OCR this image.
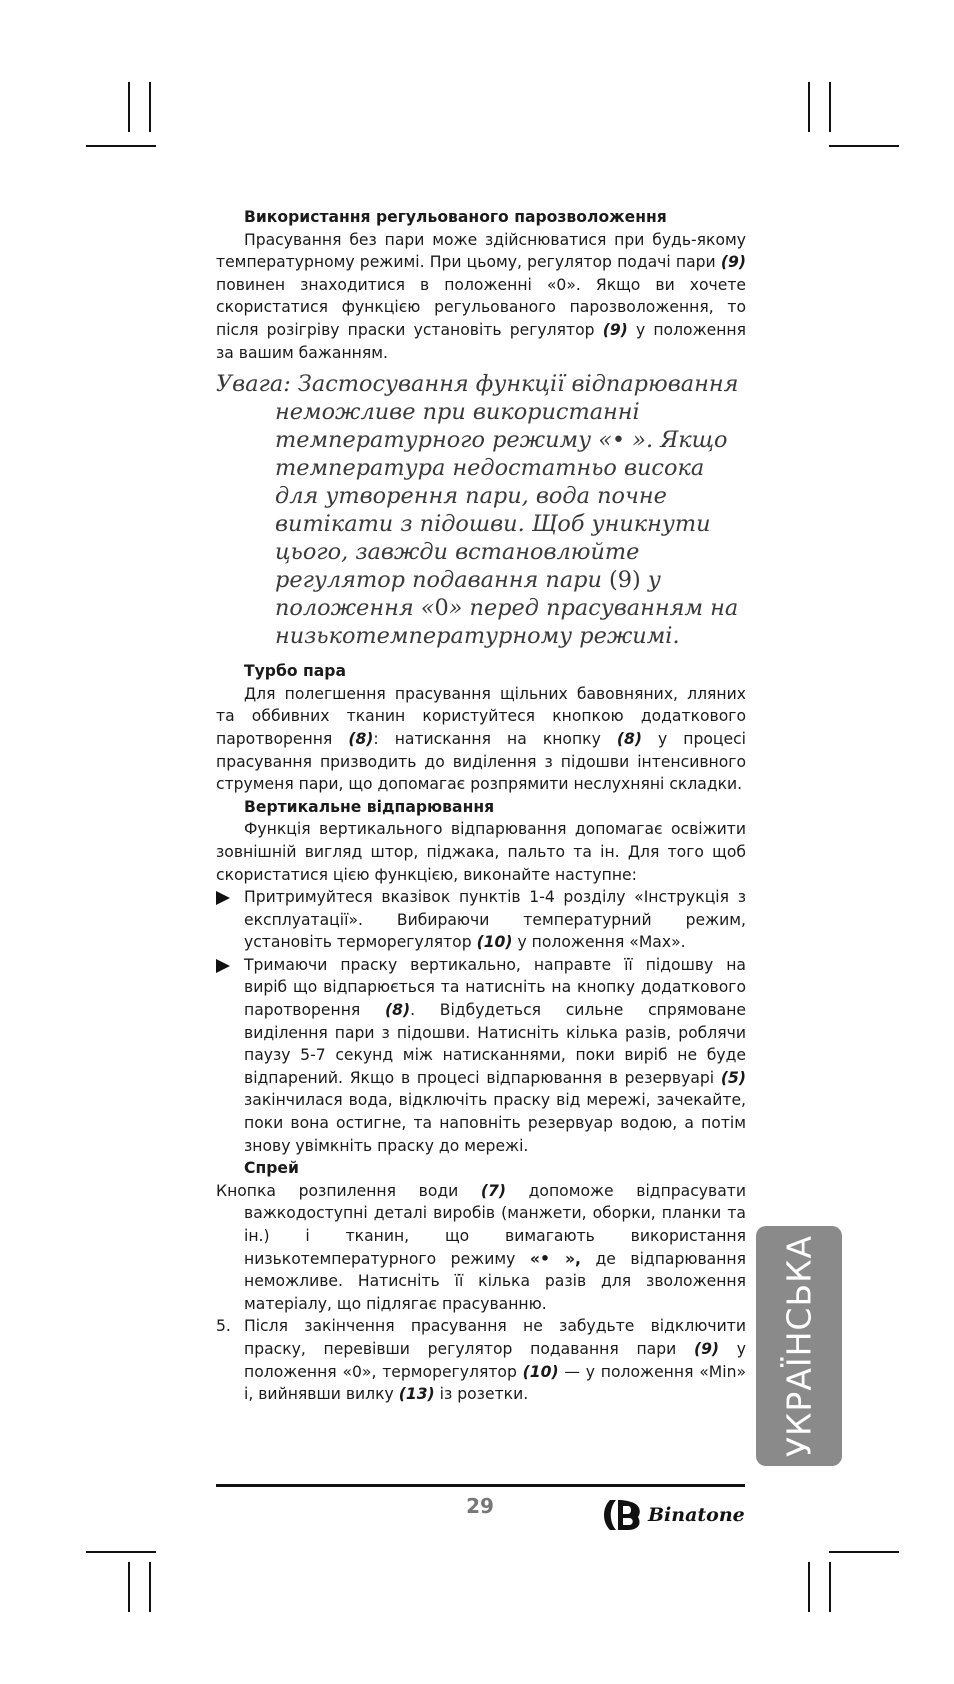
Використання регульованого парозволоження
Прасування без пари може здійснюватися при будь-якому температурному режимі. При цьому, регулятор подачі пари (9) повинен знаходитися в положенні «0». Якщо ви хочете скористатися функцією регульованого парозволоження, то після розігріву праски установіть регулятор (9) у положення за вашим бажанням.
Увага: Застосування функції відпарювання неможливе при використанні температурного режиму «• ». Якщо температура недостатньо висока для утворення пари, вода почне витікати з підошви. Щоб уникнути цього, завжди встановлюйте регулятор подавання пари (9) у положення «0» перед прасуванням на низькотемпературному режимі.
Турбо пара
Для полегшення прасування щільних бавовняних, лляних та оббивних тканин користуйтеся кнопкою додаткового паротворення (8): натискання на кнопку (8) у процесі прасування призводить до виділення з підошви інтенсивного струменя пари, що допомагає розпрямити неслухняні складки.
Вертикальне відпарювання
Функція вертикального відпарювання допомагає освіжити зовнішній вигляд штор, піджака, пальто та ін. Для того щоб скористатися цією функцією, виконайте наступне:
Притримуйтеся вказівок пунктів 1-4 розділу «Інструкція з експлуатації». Вибираючи температурний режим, установіть терморегулятор (10) у положення «Max».
Тримаючи праску вертикально, направте її підошву на виріб що відпарюється та натисніть на кнопку додаткового паротворення (8). Відбудеться сильне спрямоване виділення пари з підошви. Натисніть кілька разів, роблячи паузу 5-7 секунд між натисканнями, поки виріб не буде відпарений. Якщо в процесі відпарювання в резервуарі (5) закінчилася вода, відключіть праску від мережі, зачекайте, поки вона остигне, та наповніть резервуар водою, а потім знову увімкніть праску до мережі.
Спрей
Кнопка розпилення води (7) допоможе відпрасувати важкодоступні деталі виробів (манжети, оборки, планки та ін.) і тканин, що вимагають використання низькотемпературного режиму «• », де відпарювання неможливе. Натисніть її кілька разів для зволоження матеріалу, що підлягає прасуванню.
5. Після закінчення прасування не забудьте відключити праску, перевівши регулятор подавання пари (9) у положення «0», терморегулятор (10) — у положення «Min» і, вийнявши вилку (13) із розетки.	УКРАЇНСЬКА
29	Binatone
